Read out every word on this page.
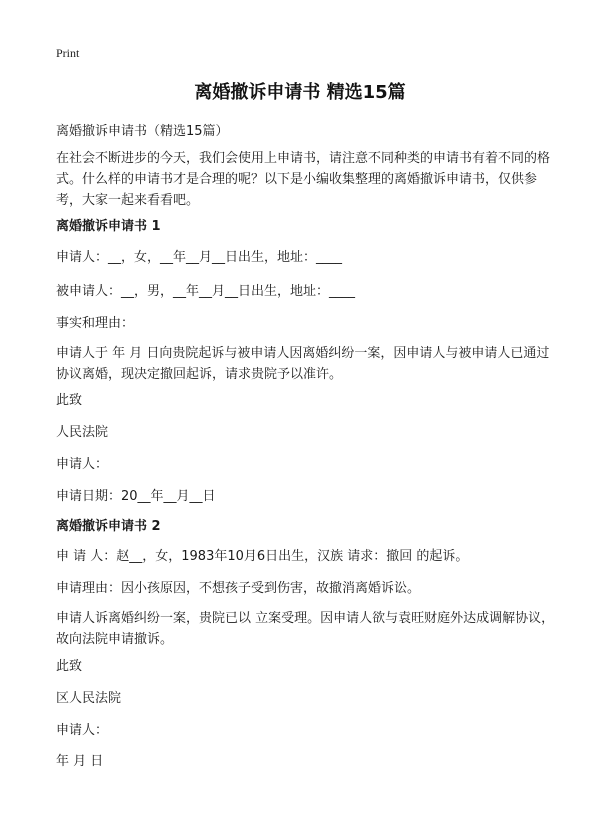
Print
离婚撤诉申请书 精选15篇
离婚撤诉申请书（精选15篇）
在社会不断进步的今天，我们会使用上申请书，请注意不同种类的申请书有着不同的格式。什么样的申请书才是合理的呢？以下是小编收集整理的离婚撤诉申请书，仅供参考，大家一起来看看吧。
离婚撤诉申请书 1
申请人：__，女，__年__月__日出生，地址：____
被申请人：__，男，__年__月__日出生，地址：____
事实和理由：
申请人于 年 月 日向贵院起诉与被申请人因离婚纠纷一案，因申请人与被申请人已通过协议离婚，现决定撤回起诉，请求贵院予以准许。
此致
人民法院
申请人：
申请日期：20__年__月__日
离婚撤诉申请书 2
申 请 人：赵__，女，1983年10月6日出生，汉族 请求：撤回 的起诉。
申请理由：因小孩原因，不想孩子受到伤害，故撤消离婚诉讼。
申请人诉离婚纠纷一案，贵院已以 立案受理。因申请人欲与袁旺财庭外达成调解协议，故向法院申请撤诉。
此致
区人民法院
申请人：
年 月 日
